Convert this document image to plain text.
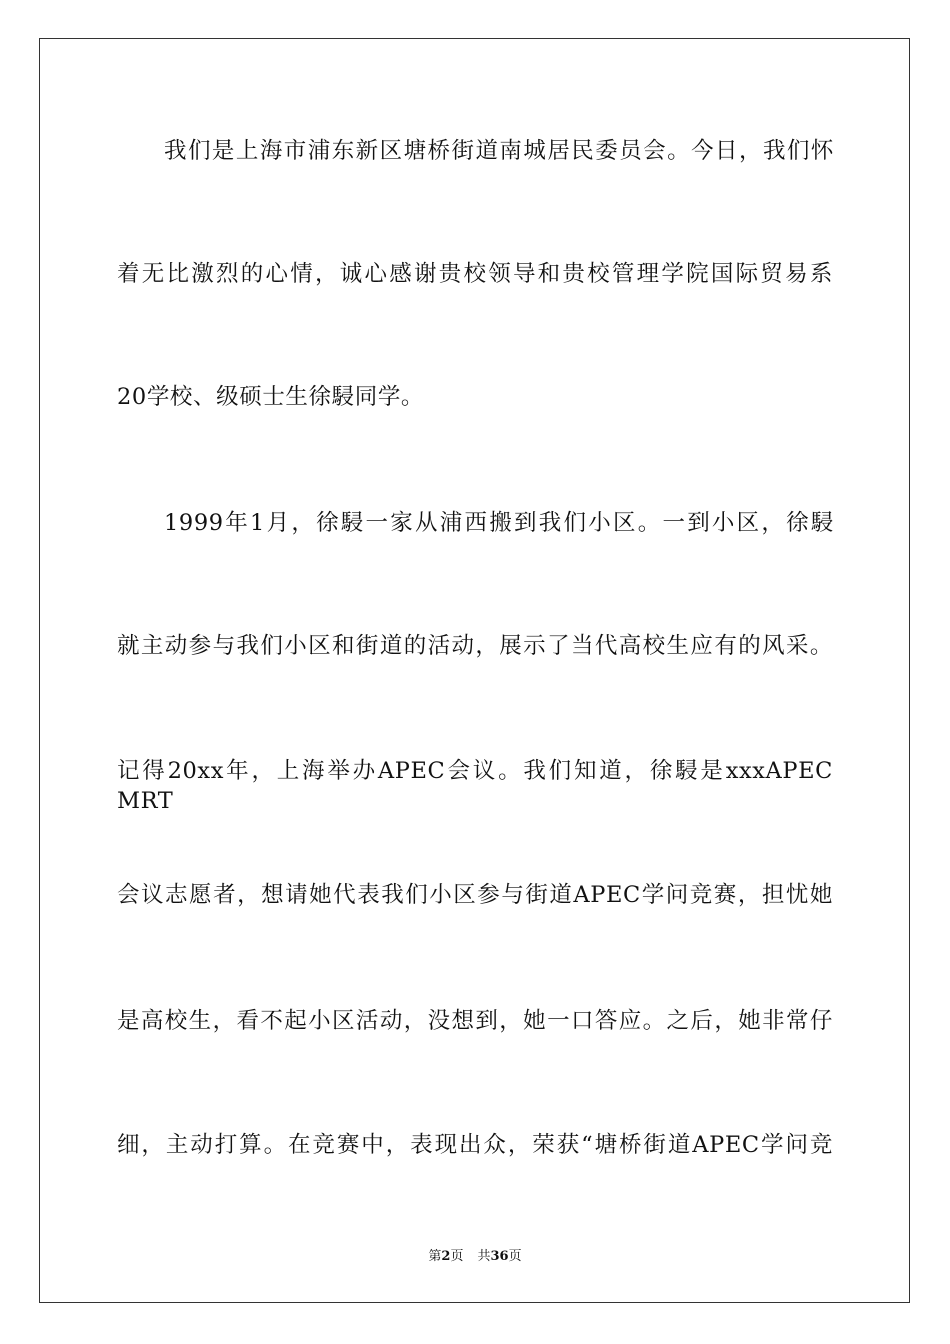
我们是上海市浦东新区塘桥街道南城居民委员会。今日，我们怀
着无比激烈的心情，诚心感谢贵校领导和贵校管理学院国际贸易系
20学校、级硕士生徐駸同学。
1999年1月，徐駸一家从浦西搬到我们小区。一到小区，徐駸
就主动参与我们小区和街道的活动，展示了当代高校生应有的风采。
记得20xx年，上海举办APEC会议。我们知道，徐駸是xxxAPEC MRT
会议志愿者，想请她代表我们小区参与街道APEC学问竞赛，担忧她
是高校生，看不起小区活动，没想到，她一口答应。之后，她非常仔
细，主动打算。在竞赛中，表现出众，荣获“塘桥街道APEC学问竞
第2页 共36页
